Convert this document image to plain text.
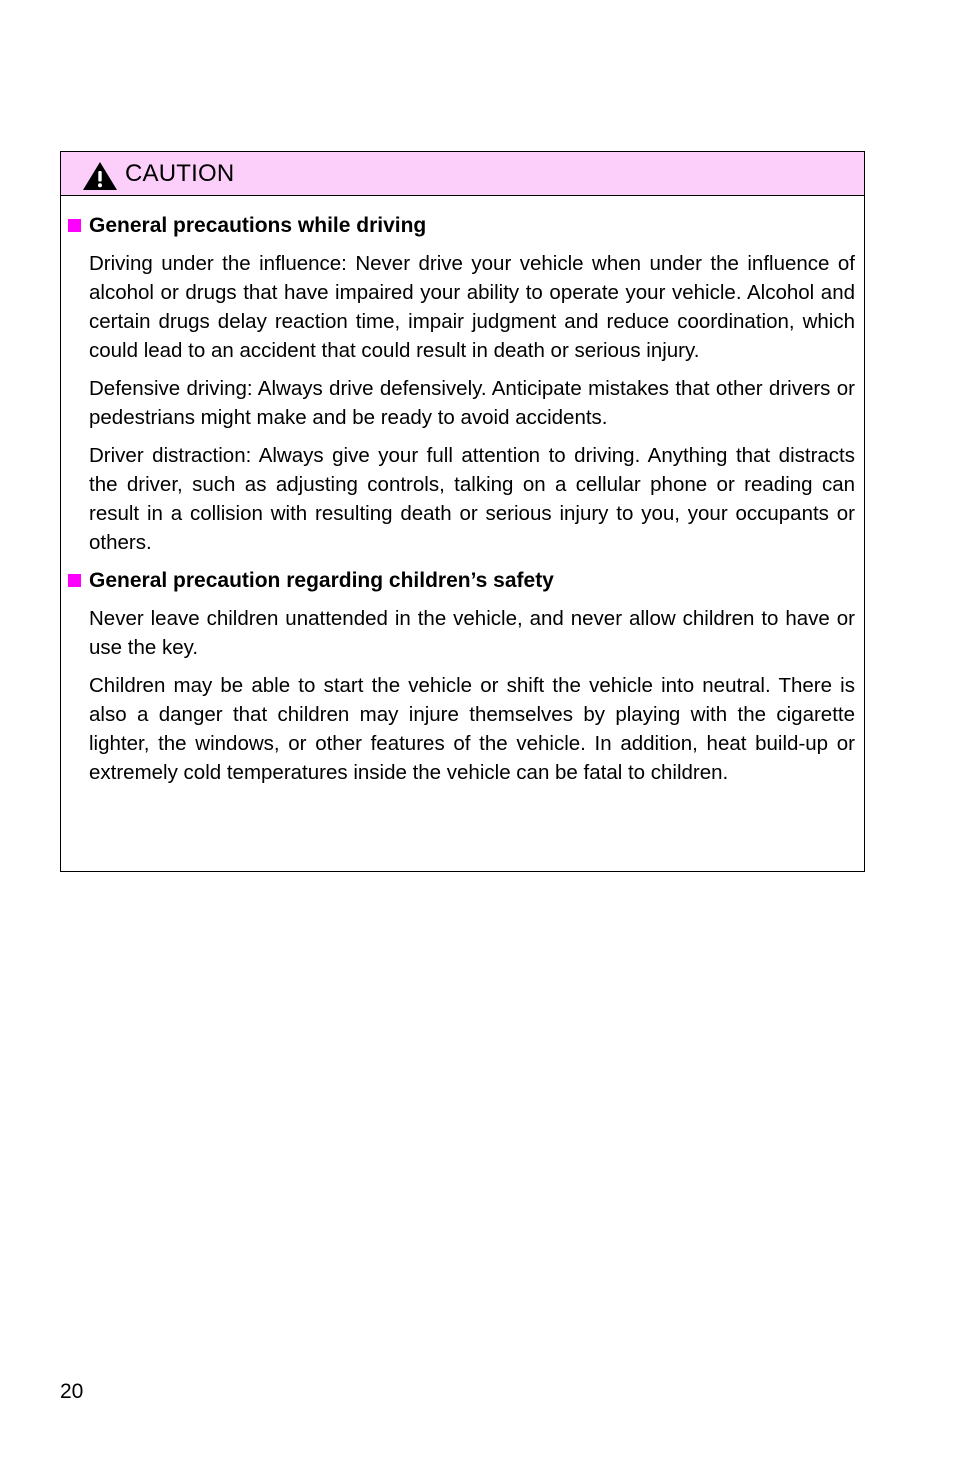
CAUTION
General precautions while driving

Driving under the influence: Never drive your vehicle when under the influence of alcohol or drugs that have impaired your ability to operate your vehicle. Alcohol and certain drugs delay reaction time, impair judgment and reduce coordination, which could lead to an accident that could result in death or serious injury.

Defensive driving: Always drive defensively. Anticipate mistakes that other drivers or pedestrians might make and be ready to avoid accidents.

Driver distraction: Always give your full attention to driving. Anything that distracts the driver, such as adjusting controls, talking on a cellular phone or reading can result in a collision with resulting death or serious injury to you, your occupants or others.

General precaution regarding children’s safety

Never leave children unattended in the vehicle, and never allow children to have or use the key.

Children may be able to start the vehicle or shift the vehicle into neutral. There is also a danger that children may injure themselves by playing with the cigarette lighter, the windows, or other features of the vehicle. In addition, heat build-up or extremely cold temperatures inside the vehicle can be fatal to children.

20
